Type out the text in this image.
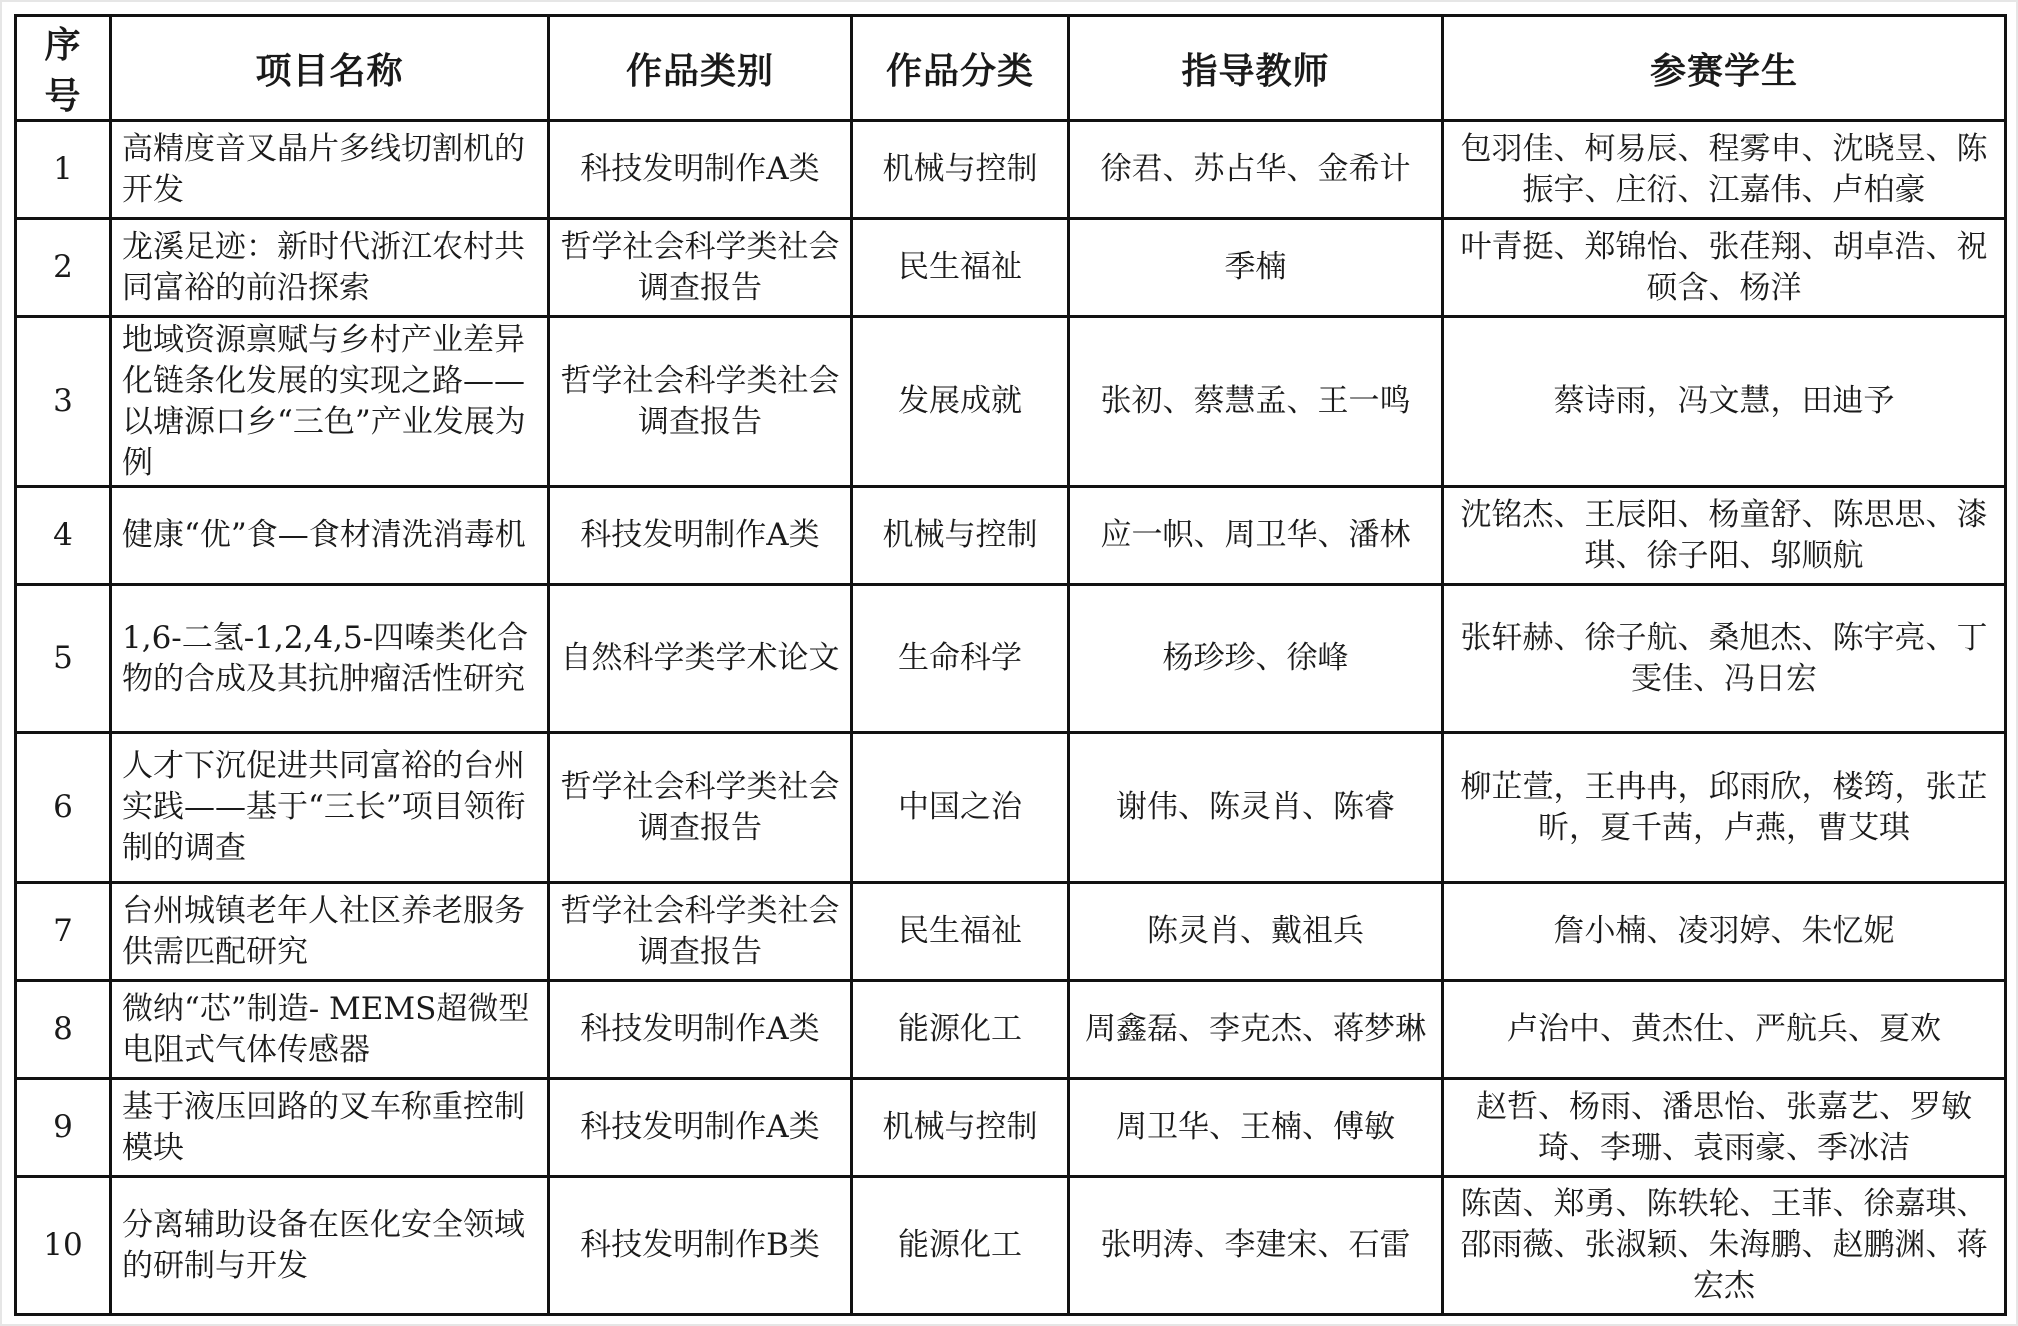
序号	项目名称	作品类别	作品分类	指导教师	参赛学生
1	高精度音叉晶片多线切割机的开发	科技发明制作A类	机械与控制	徐君、苏占华、金希计	包羽佳、柯易辰、程雾申、沈晓昱、陈振宇、庄衍、江嘉伟、卢柏豪
2	龙溪足迹：新时代浙江农村共同富裕的前沿探索	哲学社会科学类社会调查报告	民生福祉	季楠	叶青挺、郑锦怡、张荏翔、胡卓浩、祝硕含、杨洋
3	地域资源禀赋与乡村产业差异化链条化发展的实现之路——以塘源口乡“三色”产业发展为例	哲学社会科学类社会调查报告	发展成就	张初、蔡慧孟、王一鸣	蔡诗雨，冯文慧，田迪予
4	健康“优”食—食材清洗消毒机	科技发明制作A类	机械与控制	应一帜、周卫华、潘林	沈铭杰、王辰阳、杨童舒、陈思思、漆琪、徐子阳、邬顺航
5	1,6-二氢-1,2,4,5-四嗪类化合物的合成及其抗肿瘤活性研究	自然科学类学术论文	生命科学	杨珍珍、徐峰	张轩赫、徐子航、桑旭杰、陈宇亮、丁雯佳、冯日宏
6	人才下沉促进共同富裕的台州实践——基于“三长”项目领衔制的调查	哲学社会科学类社会调查报告	中国之治	谢伟、陈灵肖、陈睿	柳芷萱，王冉冉，邱雨欣，楼筠，张芷昕，夏千茜，卢燕，曹艾琪
7	台州城镇老年人社区养老服务供需匹配研究	哲学社会科学类社会调查报告	民生福祉	陈灵肖、戴祖兵	詹小楠、凌羽婷、朱忆妮
8	微纳“芯”制造- MEMS超微型电阻式气体传感器	科技发明制作A类	能源化工	周鑫磊、李克杰、蒋梦琳	卢治中、黄杰仕、严航兵、夏欢
9	基于液压回路的叉车称重控制模块	科技发明制作A类	机械与控制	周卫华、王楠、傅敏	赵哲、杨雨、潘思怡、张嘉艺、罗敏琦、李珊、袁雨豪、季冰洁
10	分离辅助设备在医化安全领域的研制与开发	科技发明制作B类	能源化工	张明涛、李建宋、石雷	陈茵、郑勇、陈轶轮、王菲、徐嘉琪、邵雨薇、张淑颖、朱海鹏、赵鹏渊、蒋宏杰
